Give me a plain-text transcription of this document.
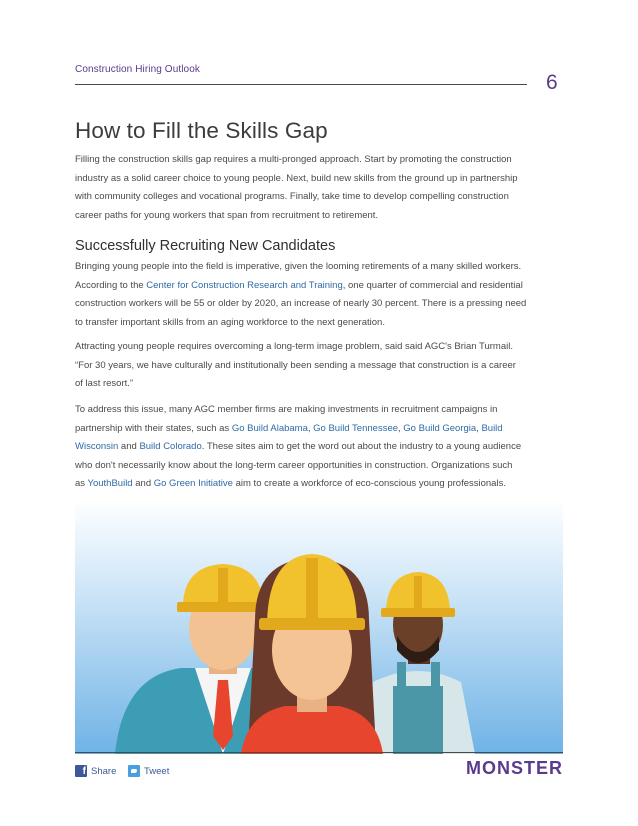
Construction Hiring Outlook
6
How to Fill the Skills Gap

Filling the construction skills gap requires a multi-pronged approach. Start by promoting the construction
industry as a solid career choice to young people. Next, build new skills from the ground up in partnership
with community colleges and vocational programs. Finally, take time to develop compelling construction
career paths for young workers that span from recruitment to retirement.

Successfully Recruiting New Candidates

Bringing young people into the field is imperative, given the looming retirements of a many skilled workers.
According to the Center for Construction Research and Training, one quarter of commercial and residential
construction workers will be 55 or older by 2020, an increase of nearly 30 percent. There is a pressing need
to transfer important skills from an aging workforce to the next generation.

Attracting young people requires overcoming a long-term image problem, said said AGC's Brian Turmail.
“For 30 years, we have culturally and institutionally been sending a message that construction is a career
of last resort.”

To address this issue, many AGC member firms are making investments in recruitment campaigns in
partnership with their states, such as Go Build Alabama, Go Build Tennessee, Go Build Georgia, Build
Wisconsin and Build Colorado. These sites aim to get the word out about the industry to a young audience
who don't necessarily know about the long-term career opportunities in construction. Organizations such
as YouthBuild and Go Green Initiative aim to create a workforce of eco-conscious young professionals.

f Share	Tweet	MONSTER
